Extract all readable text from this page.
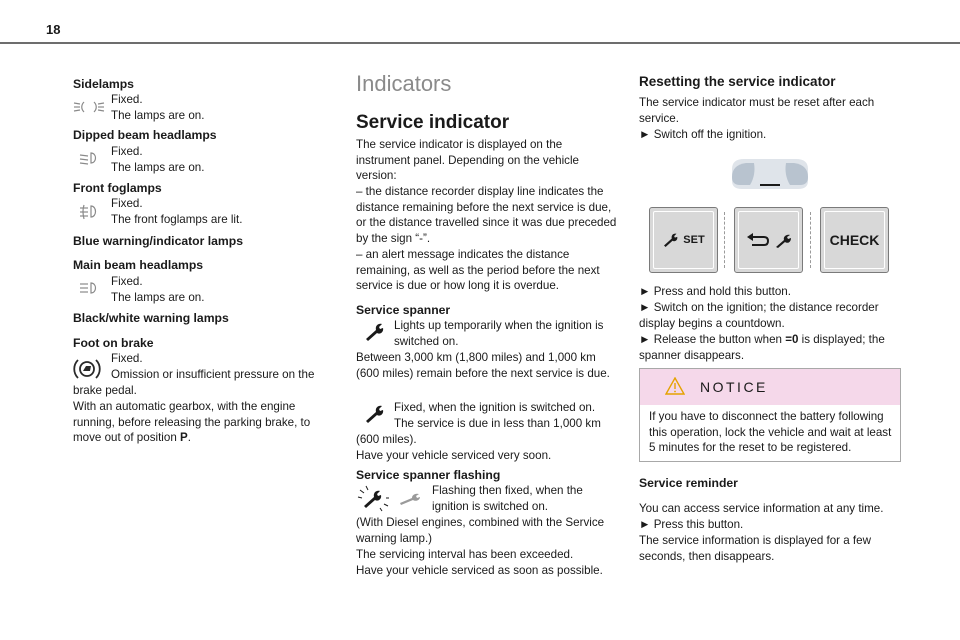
18
Sidelamps
Fixed.
The lamps are on.
Dipped beam headlamps
Fixed.
The lamps are on.
Front foglamps
Fixed.
The front foglamps are lit.
Blue warning/indicator lamps
Main beam headlamps
Fixed.
The lamps are on.
Black/white warning lamps
Foot on brake
Fixed.
Omission or insufficient pressure on the
brake pedal.
With an automatic gearbox, with the engine running, before releasing the parking brake, to move out of position P.
Indicators
Service indicator
The service indicator is displayed on the instrument panel. Depending on the vehicle version:
– the distance recorder display line indicates the distance remaining before the next service is due, or the distance travelled since it was due preceded by the sign “-”.
– an alert message indicates the distance remaining, as well as the period before the next service is due or how long it is overdue.
Service spanner
Lights up temporarily when the ignition is
switched on.
Between 3,000 km (1,800 miles) and 1,000 km (600 miles) remain before the next service is due.
Fixed, when the ignition is switched on.
The service is due in less than 1,000 km
(600 miles).
Have your vehicle serviced very soon.
Service spanner flashing
Flashing then fixed, when the
ignition is switched on.
(With Diesel engines, combined with the Service warning lamp.)
The servicing interval has been exceeded.
Have your vehicle serviced as soon as possible.
Resetting the service indicator
The service indicator must be reset after each service.
► Switch off the ignition.
SET	CHECK
► Press and hold this button.
► Switch on the ignition; the distance recorder display begins a countdown.
► Release the button when =0 is displayed; the spanner disappears.
NOTICE
If you have to disconnect the battery following this operation, lock the vehicle and wait at least 5 minutes for the reset to be registered.
Service reminder
You can access service information at any time.
► Press this button.
The service information is displayed for a few seconds, then disappears.
